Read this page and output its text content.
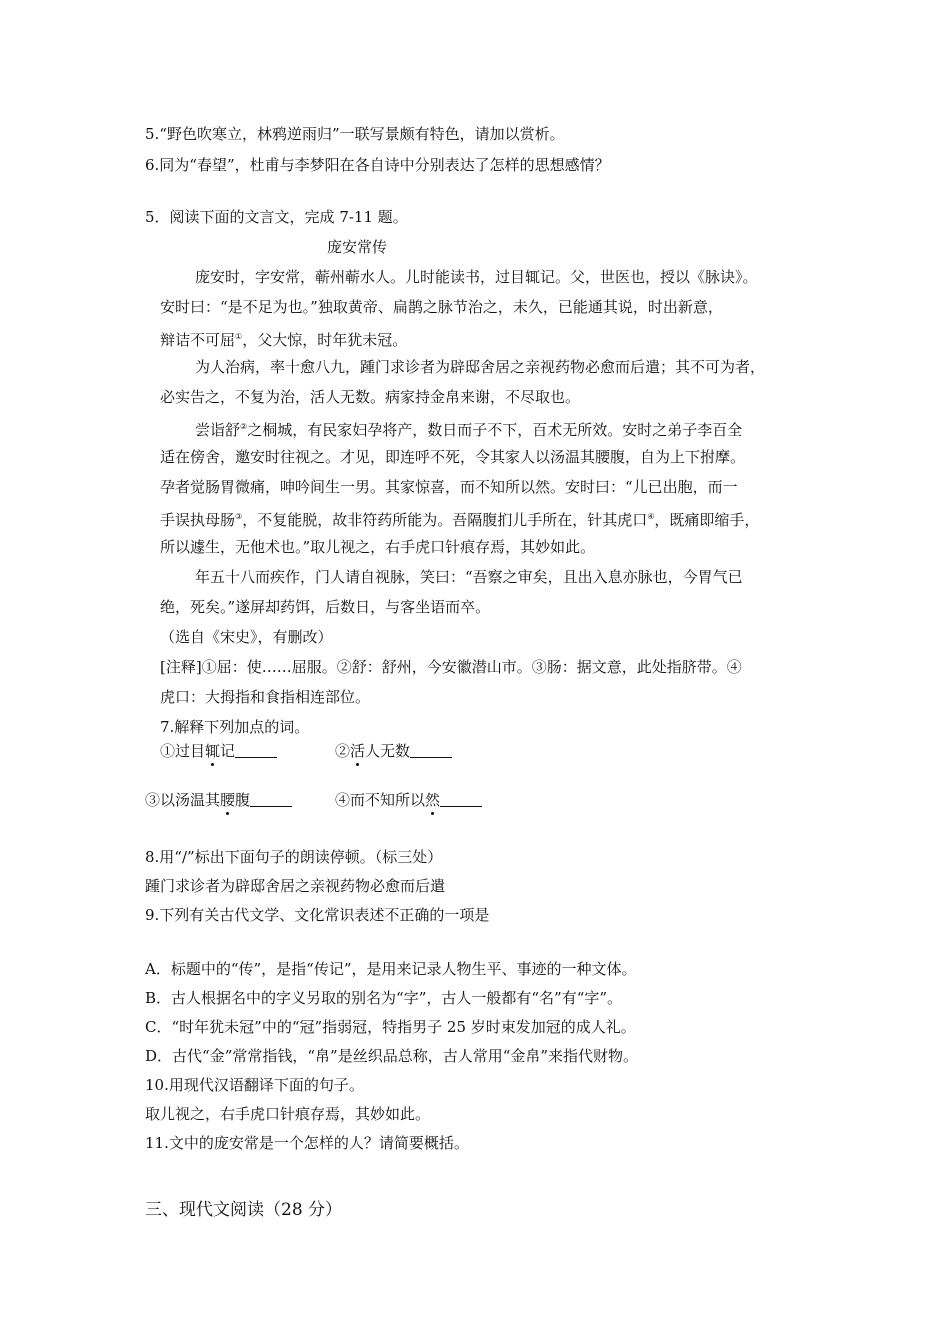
5.“野色吹寒立，林鸦逆雨归”一联写景颇有特色，请加以赏析。
6.同为“春望”，杜甫与李梦阳在各自诗中分别表达了怎样的思想感情？
5．阅读下面的文言文，完成 7-11 题。
庞安常传
庞安时，字安常，蕲州蕲水人。儿时能读书，过目辄记。父，世医也，授以《脉诀》。
安时曰：“是不足为也。”独取黄帝、扁鹊之脉节治之，未久，已能通其说，时出新意，
辩诘不可屈①，父大惊，时年犹未冠。
为人治病，率十愈八九，踵门求诊者为辟邸舍居之亲视药物必愈而后遣；其不可为者，
必实告之，不复为治，活人无数。病家持金帛来谢，不尽取也。
尝诣舒②之桐城，有民家妇孕将产，数日而子不下，百术无所效。安时之弟子李百全
适在傍舍，邀安时往视之。才见，即连呼不死，令其家人以汤温其腰腹，自为上下拊摩。
孕者觉肠胃微痛，呻吟间生一男。其家惊喜，而不知所以然。安时曰：“儿已出胞，而一
手误执母肠③，不复能脱，故非符药所能为。吾隔腹扪儿手所在，针其虎口④，既痛即缩手，
所以遽生，无他术也。”取儿视之，右手虎口针痕存焉，其妙如此。
年五十八而疾作，门人请自视脉，笑曰：“吾察之审矣，且出入息亦脉也，今胃气已
绝，死矣。”遂屏却药饵，后数日，与客坐语而卒。
（选自《宋史》，有删改）
[注释]①屈：使……屈服。②舒：舒州，今安徽潜山市。③肠：据文意，此处指脐带。④
虎口：大拇指和食指相连部位。
7.解释下列加点的词。
①过目辄记	②活人无数
③以汤温其腰腹	④而不知所以然
8.用“/”标出下面句子的朗读停顿。（标三处）
踵门求诊者为辟邸舍居之亲视药物必愈而后遣
9.下列有关古代文学、文化常识表述不正确的一项是
A．标题中的“传”，是指“传记”，是用来记录人物生平、事迹的一种文体。
B．古人根据名中的字义另取的别名为“字”，古人一般都有“名”有“字”。
C．“时年犹未冠”中的“冠”指弱冠，特指男子 25 岁时束发加冠的成人礼。
D．古代“金”常常指钱，“帛”是丝织品总称，古人常用“金帛”来指代财物。
10.用现代汉语翻译下面的句子。
取儿视之，右手虎口针痕存焉，其妙如此。
11.文中的庞安常是一个怎样的人？请简要概括。
三、现代文阅读（28 分）
